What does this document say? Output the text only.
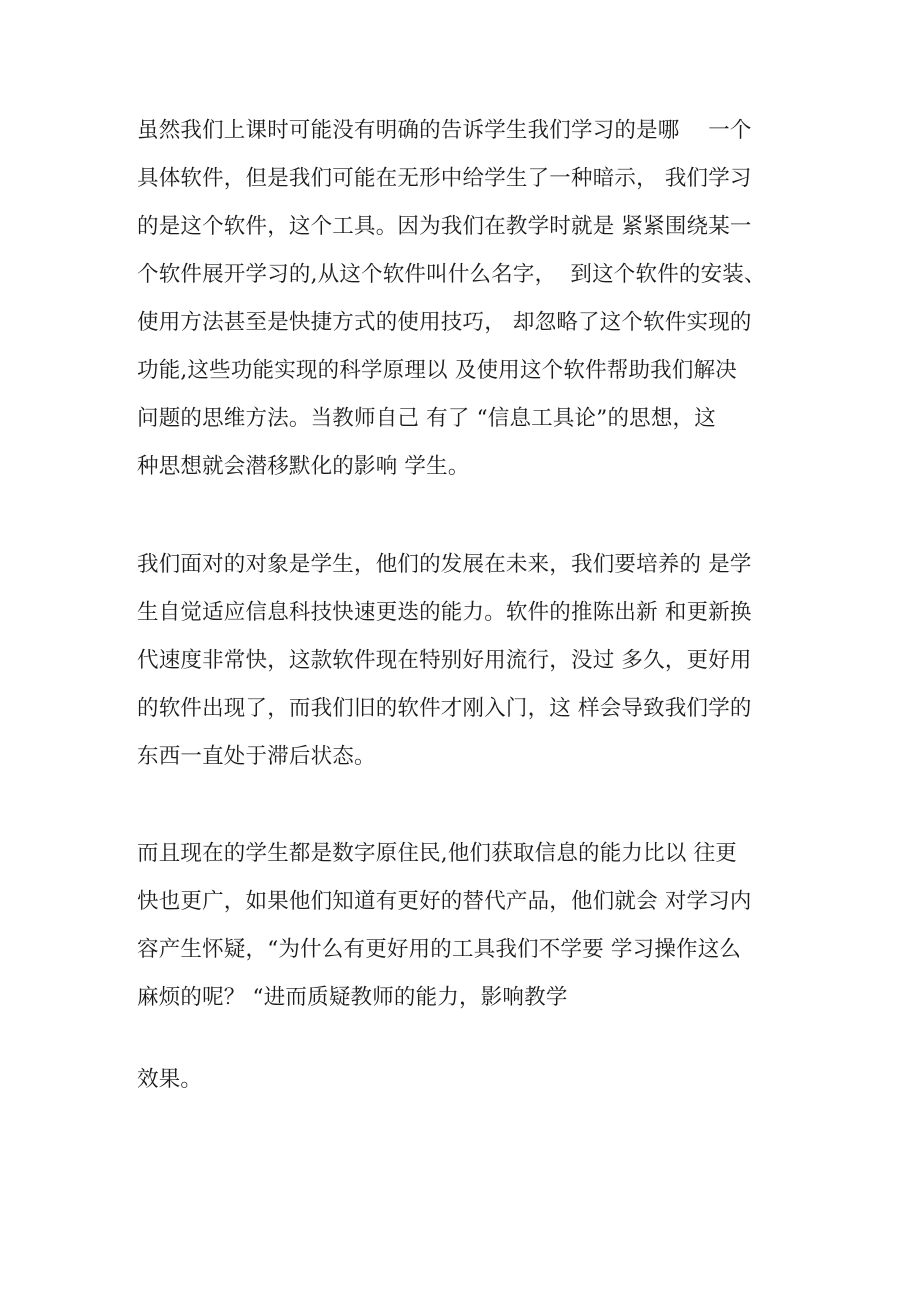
虽然我们上课时可能没有明确的告诉学生我们学习的是哪　 一个
具体软件，但是我们可能在无形中给学生了一种暗示， 我们学习
的是这个软件，这个工具。因为我们在教学时就是 紧紧围绕某一
个软件展开学习的,从这个软件叫什么名字，  到这个软件的安装、
使用方法甚至是快捷方式的使用技巧， 却忽略了这个软件实现的
功能,这些功能实现的科学原理以 及使用这个软件帮助我们解决
问题的思维方法。当教师自己 有了 “信息工具论”的思想，这
种思想就会潜移默化的影响 学生。
我们面对的对象是学生，他们的发展在未来，我们要培养的 是学
生自觉适应信息科技快速更迭的能力。软件的推陈出新 和更新换
代速度非常快，这款软件现在特别好用流行，没过 多久，更好用
的软件出现了，而我们旧的软件才刚入门，这 样会导致我们学的
东西一直处于滞后状态。
而且现在的学生都是数字原住民,他们获取信息的能力比以 往更
快也更广，如果他们知道有更好的替代产品，他们就会 对学习内
容产生怀疑，“为什么有更好用的工具我们不学要 学习操作这么
麻烦的呢？ “进而质疑教师的能力，影响教学
效果。
